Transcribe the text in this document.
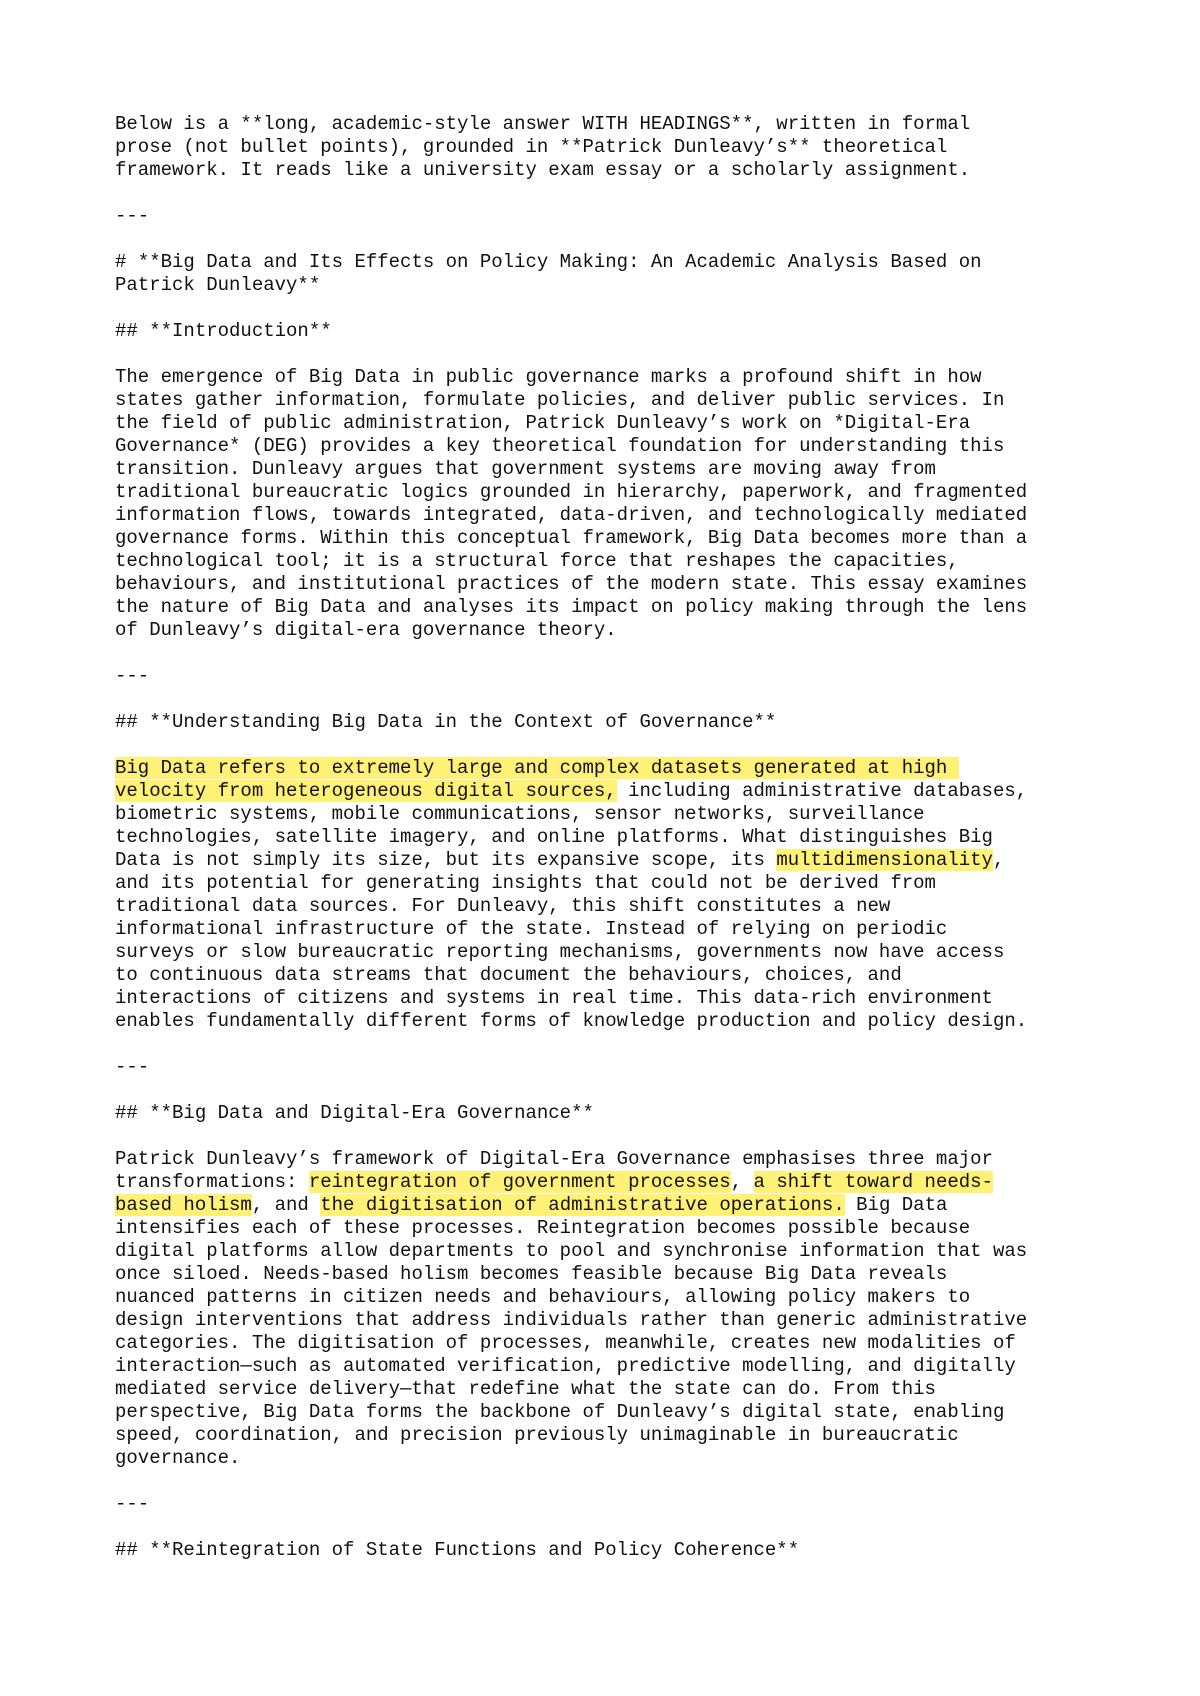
Below is a **long, academic-style answer WITH HEADINGS**, written in formal
prose (not bullet points), grounded in **Patrick Dunleavy’s** theoretical
framework. It reads like a university exam essay or a scholarly assignment.
---
# **Big Data and Its Effects on Policy Making: An Academic Analysis Based on
Patrick Dunleavy**
## **Introduction**
The emergence of Big Data in public governance marks a profound shift in how
states gather information, formulate policies, and deliver public services. In
the field of public administration, Patrick Dunleavy’s work on *Digital-Era
Governance* (DEG) provides a key theoretical foundation for understanding this
transition. Dunleavy argues that government systems are moving away from
traditional bureaucratic logics grounded in hierarchy, paperwork, and fragmented
information flows, towards integrated, data-driven, and technologically mediated
governance forms. Within this conceptual framework, Big Data becomes more than a
technological tool; it is a structural force that reshapes the capacities,
behaviours, and institutional practices of the modern state. This essay examines
the nature of Big Data and analyses its impact on policy making through the lens
of Dunleavy’s digital-era governance theory.
---
## **Understanding Big Data in the Context of Governance**
Big Data refers to extremely large and complex datasets generated at high
velocity from heterogeneous digital sources, including administrative databases,
biometric systems, mobile communications, sensor networks, surveillance
technologies, satellite imagery, and online platforms. What distinguishes Big
Data is not simply its size, but its expansive scope, its multidimensionality,
and its potential for generating insights that could not be derived from
traditional data sources. For Dunleavy, this shift constitutes a new
informational infrastructure of the state. Instead of relying on periodic
surveys or slow bureaucratic reporting mechanisms, governments now have access
to continuous data streams that document the behaviours, choices, and
interactions of citizens and systems in real time. This data-rich environment
enables fundamentally different forms of knowledge production and policy design.
---
## **Big Data and Digital-Era Governance**
Patrick Dunleavy’s framework of Digital-Era Governance emphasises three major
transformations: reintegration of government processes, a shift toward needs-
based holism, and the digitisation of administrative operations. Big Data
intensifies each of these processes. Reintegration becomes possible because
digital platforms allow departments to pool and synchronise information that was
once siloed. Needs-based holism becomes feasible because Big Data reveals
nuanced patterns in citizen needs and behaviours, allowing policy makers to
design interventions that address individuals rather than generic administrative
categories. The digitisation of processes, meanwhile, creates new modalities of
interaction—such as automated verification, predictive modelling, and digitally
mediated service delivery—that redefine what the state can do. From this
perspective, Big Data forms the backbone of Dunleavy’s digital state, enabling
speed, coordination, and precision previously unimaginable in bureaucratic
governance.
---
## **Reintegration of State Functions and Policy Coherence**
